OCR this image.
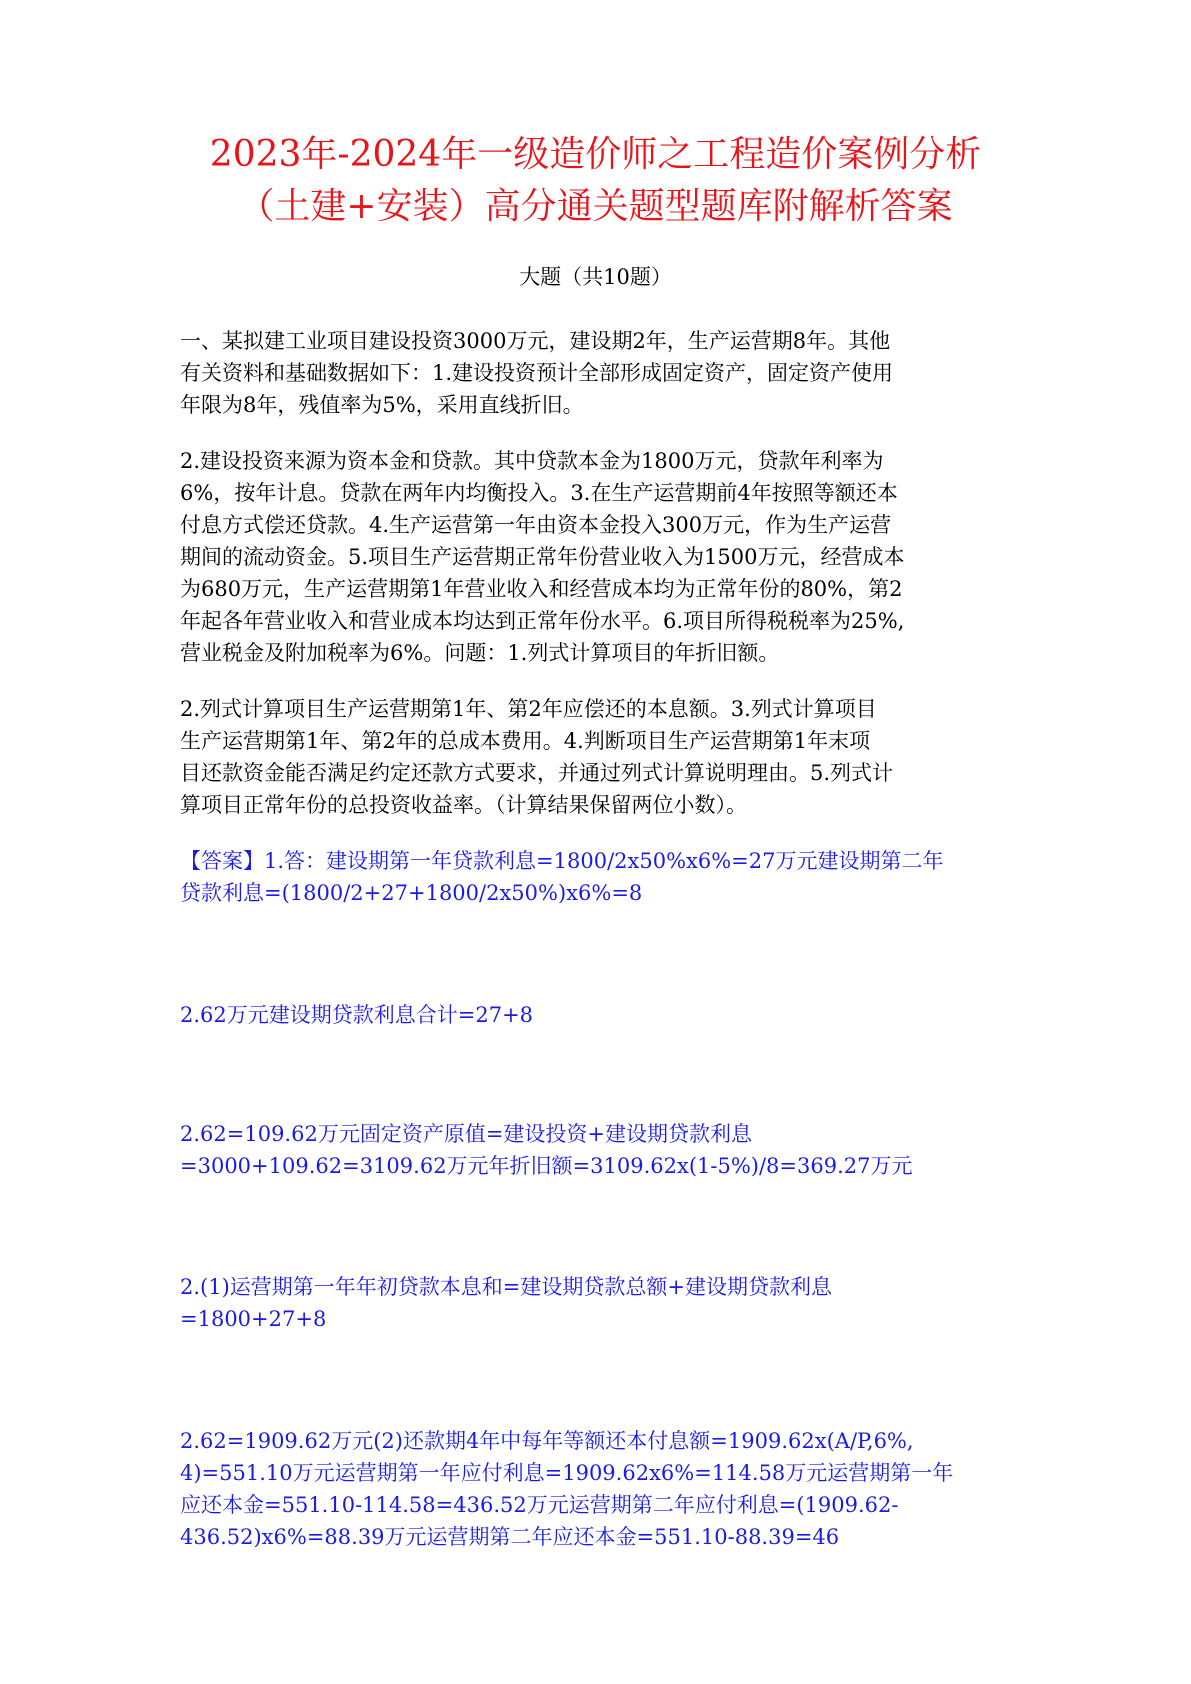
2023年-2024年一级造价师之工程造价案例分析
（土建+安装）高分通关题型题库附解析答案
大题（共10题）
一、某拟建工业项目建设投资3000万元，建设期2年，生产运营期8年。其他
有关资料和基础数据如下：1.建设投资预计全部形成固定资产，固定资产使用
年限为8年，残值率为5%，采用直线折旧。
2.建设投资来源为资本金和贷款。其中贷款本金为1800万元，贷款年利率为
6%，按年计息。贷款在两年内均衡投入。3.在生产运营期前4年按照等额还本
付息方式偿还贷款。4.生产运营第一年由资本金投入300万元，作为生产运营
期间的流动资金。5.项目生产运营期正常年份营业收入为1500万元，经营成本
为680万元，生产运营期第1年营业收入和经营成本均为正常年份的80%，第2
年起各年营业收入和营业成本均达到正常年份水平。6.项目所得税税率为25%,
营业税金及附加税率为6%。问题：1.列式计算项目的年折旧额。
2.列式计算项目生产运营期第1年、第2年应偿还的本息额。3.列式计算项目
生产运营期第1年、第2年的总成本费用。4.判断项目生产运营期第1年末项
目还款资金能否满足约定还款方式要求，并通过列式计算说明理由。5.列式计
算项目正常年份的总投资收益率。（计算结果保留两位小数）。
【答案】1.答：建设期第一年贷款利息=1800/2x50%x6%=27万元建设期第二年
贷款利息=(1800/2+27+1800/2x50%)x6%=8
2.62万元建设期贷款利息合计=27+8
2.62=109.62万元固定资产原值=建设投资+建设期贷款利息
=3000+109.62=3109.62万元年折旧额=3109.62x(1-5%)/8=369.27万元
2.(1)运营期第一年年初贷款本息和=建设期贷款总额+建设期贷款利息
=1800+27+8
2.62=1909.62万元(2)还款期4年中每年等额还本付息额=1909.62x(A/P,6%,
4)=551.10万元运营期第一年应付利息=1909.62x6%=114.58万元运营期第一年
应还本金=551.10-114.58=436.52万元运营期第二年应付利息=(1909.62-
436.52)x6%=88.39万元运营期第二年应还本金=551.10-88.39=46
